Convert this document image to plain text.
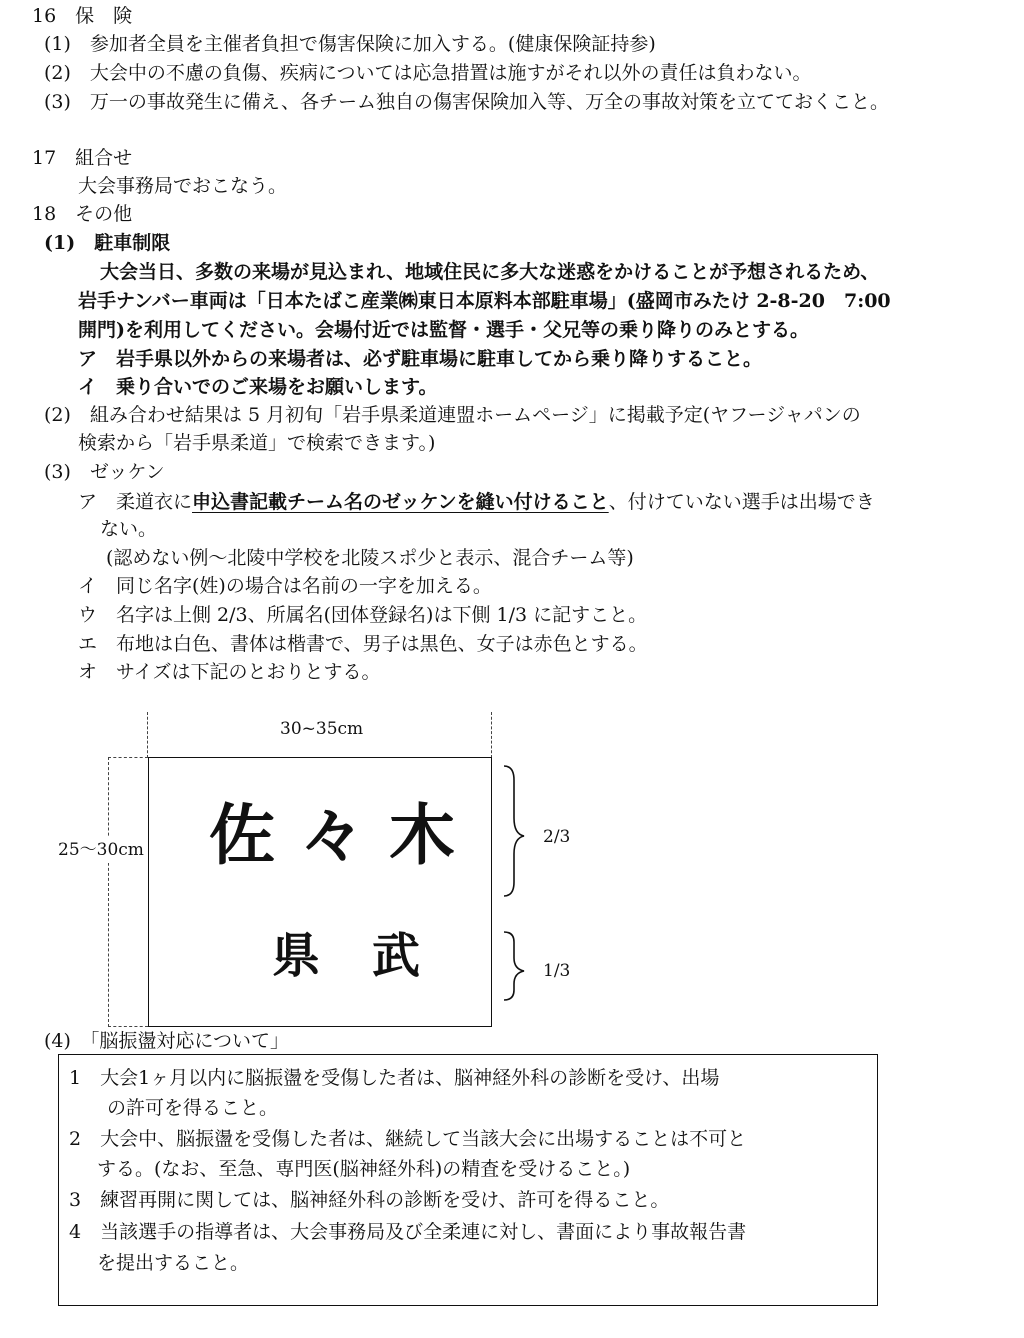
16　保　険
(1)　参加者全員を主催者負担で傷害保険に加入する。(健康保険証持参)
(2)　大会中の不慮の負傷、疾病については応急措置は施すがそれ以外の責任は負わない。
(3)　万一の事故発生に備え、各チーム独自の傷害保険加入等、万全の事故対策を立てておくこと。
17　組合せ
大会事務局でおこなう。
18　その他
(1)　駐車制限
大会当日、多数の来場が見込まれ、地域住民に多大な迷惑をかけることが予想されるため、
岩手ナンバー車両は「日本たばこ産業㈱東日本原料本部駐車場」(盛岡市みたけ 2-8-20　7:00
開門)を利用してください。会場付近では監督・選手・父兄等の乗り降りのみとする。
ア　岩手県以外からの来場者は、必ず駐車場に駐車してから乗り降りすること。
イ　乗り合いでのご来場をお願いします。
(2)　組み合わせ結果は 5 月初旬「岩手県柔道連盟ホームページ」に掲載予定(ヤフージャパンの
検索から「岩手県柔道」で検索できます。)
(3)　ゼッケン
ア　柔道衣に申込書記載チーム名のゼッケンを縫い付けること、付けていない選手は出場でき
ない。
(認めない例～北陵中学校を北陵スポ少と表示、混合チーム等)
イ　同じ名字(姓)の場合は名前の一字を加える。
ウ　名字は上側 2/3、所属名(団体登録名)は下側 1/3 に記すこと。
エ　布地は白色、書体は楷書で、男子は黒色、女子は赤色とする。
オ　サイズは下記のとおりとする。
30~35cm
25～30cm 佐々木
県武
2/3
1/3
(4)　「脳振盪対応について」
1　大会1ヶ月以内に脳振盪を受傷した者は、脳神経外科の診断を受け、出場
の許可を得ること。
2　大会中、脳振盪を受傷した者は、継続して当該大会に出場することは不可と
する。(なお、至急、専門医(脳神経外科)の精査を受けること。)
3　練習再開に関しては、脳神経外科の診断を受け、許可を得ること。
4　当該選手の指導者は、大会事務局及び全柔連に対し、書面により事故報告書
を提出すること。
